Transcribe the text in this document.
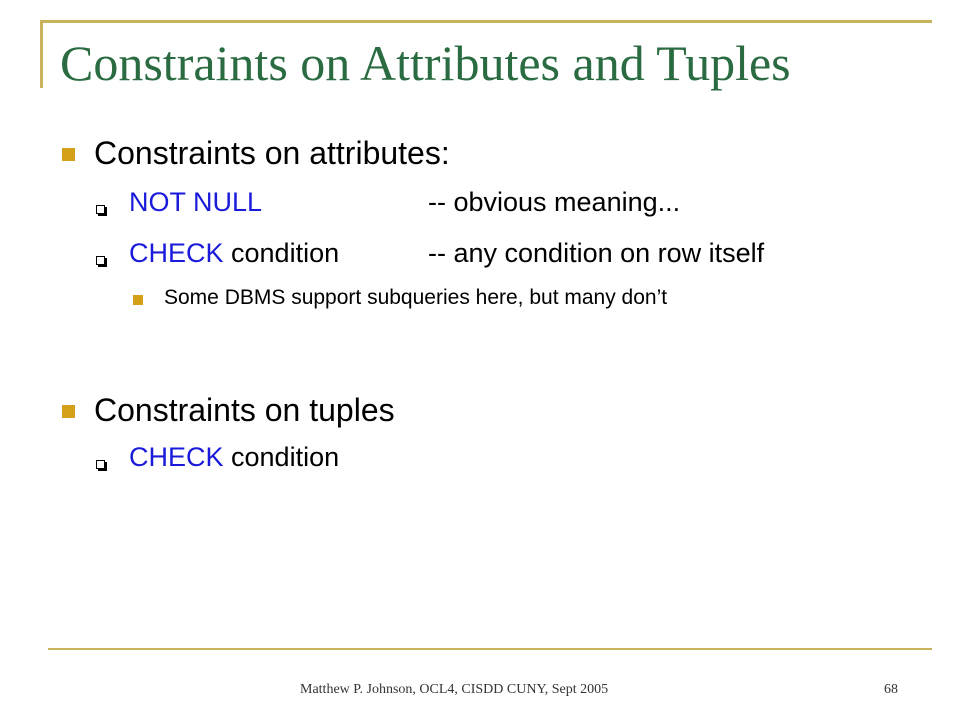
Constraints on Attributes and Tuples
Constraints on attributes:
NOT NULL	-- obvious meaning...
CHECK condition	-- any condition on row itself
Some DBMS support subqueries here, but many don’t
Constraints on tuples
CHECK condition
Matthew P. Johnson, OCL4, CISDD CUNY, Sept 2005	68
